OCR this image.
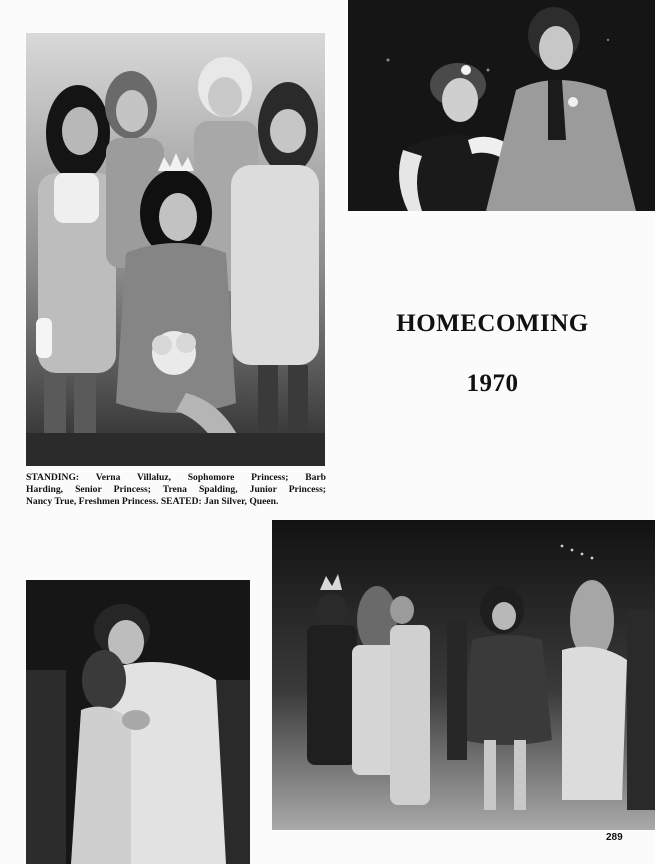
HOMECOMING
1970

STANDING: Verna Villaluz, Sophomore Princess; Barb
Harding, Senior Princess; Trena Spalding, Junior Princess;
Nancy True, Freshmen Princess. SEATED: Jan Silver, Queen.

289
